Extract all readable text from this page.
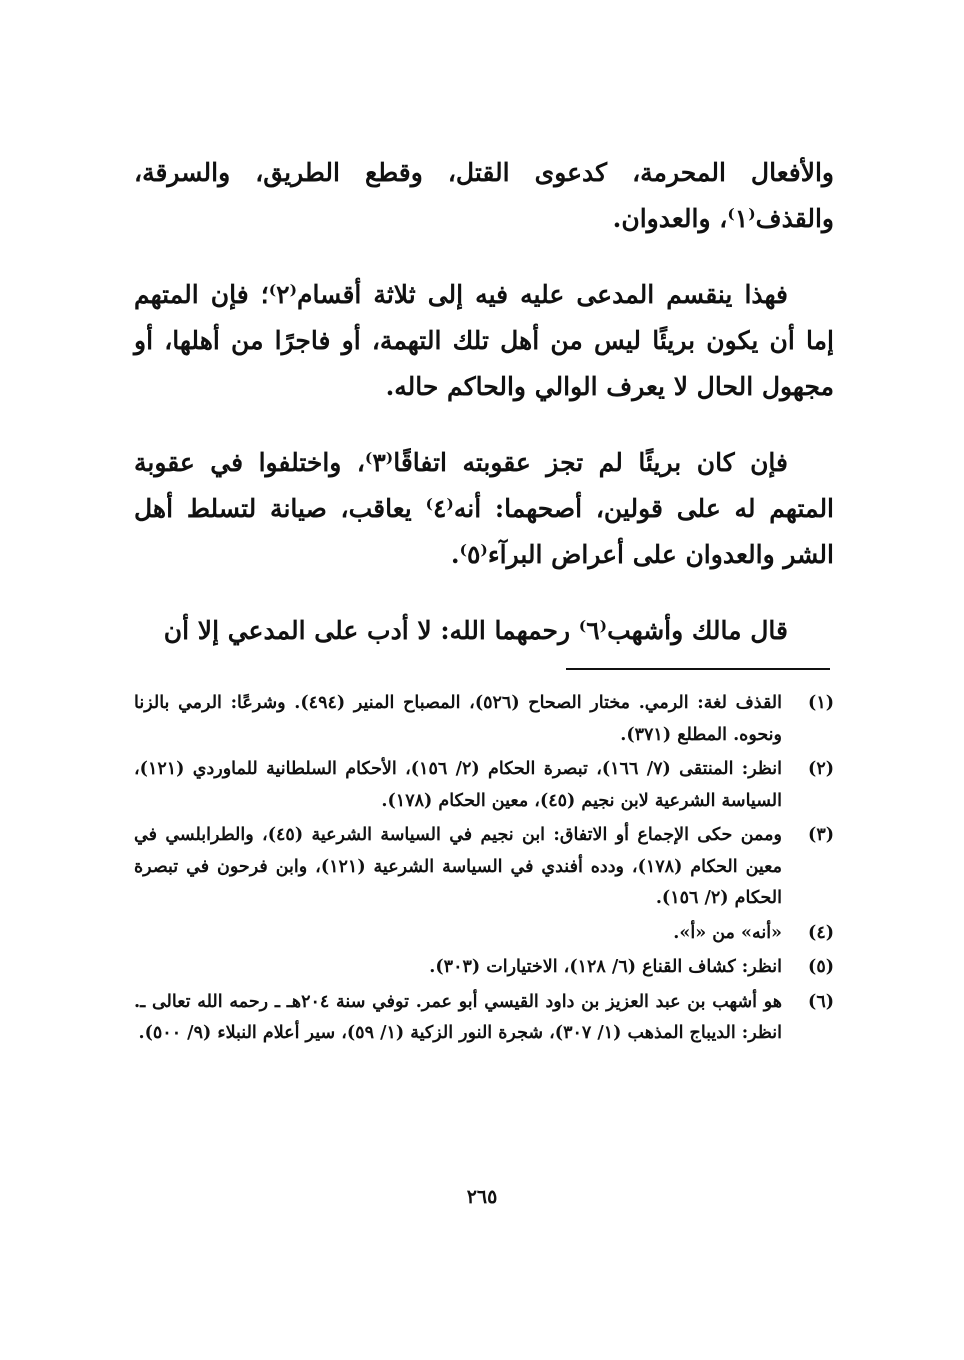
والأفعال المحرمة، كدعوى القتل، وقطع الطريق، والسرقة، والقذف⁽١⁾، والعدوان.

فهذا ينقسم المدعى عليه فيه إلى ثلاثة أقسام⁽٢⁾؛ فإن المتهم إما أن يكون بريئًا ليس من أهل تلك التهمة، أو فاجرًا من أهلها، أو مجهول الحال لا يعرف الوالي والحاكم حاله.

فإن كان بريئًا لم تجز عقوبته اتفاقًا⁽٣⁾، واختلفوا في عقوبة المتهم له على قولين، أصحهما: أنه⁽٤⁾ يعاقب، صيانة لتسلط أهل الشر والعدوان على أعراض البرآء⁽٥⁾.

قال مالك وأشهب⁽٦⁾ رحمهما الله: لا أدب على المدعي إلا أن

(١)
القذف لغة: الرمي. مختار الصحاح (٥٢٦)، المصباح المنير (٤٩٤). وشرعًا: الرمي بالزنا ونحوه. المطلع (٣٧١).
(٢)
انظر: المنتقى (٧/ ١٦٦)، تبصرة الحكام (٢/ ١٥٦)، الأحكام السلطانية للماوردي (١٢١)، السياسة الشرعية لابن نجيم (٤٥)، معين الحكام (١٧٨).
(٣)
وممن حكى الإجماع أو الاتفاق: ابن نجيم في السياسة الشرعية (٤٥)، والطرابلسي في معين الحكام (١٧٨)، ودده أفندي في السياسة الشرعية (١٢١)، وابن فرحون في تبصرة الحكام (٢/ ١٥٦).
(٤)
«أنه» من «أ».
(٥)
انظر: كشاف القناع (٦/ ١٢٨)، الاختيارات (٣٠٣).
(٦)
هو أشهب بن عبد العزيز بن داود القيسي أبو عمر. توفي سنة ٢٠٤هـ ـ رحمه الله تعالى ـ. انظر: الديباج المذهب (١/ ٣٠٧)، شجرة النور الزكية (١/ ٥٩)، سير أعلام النبلاء (٩/ ٥٠٠).
٢٦٥
